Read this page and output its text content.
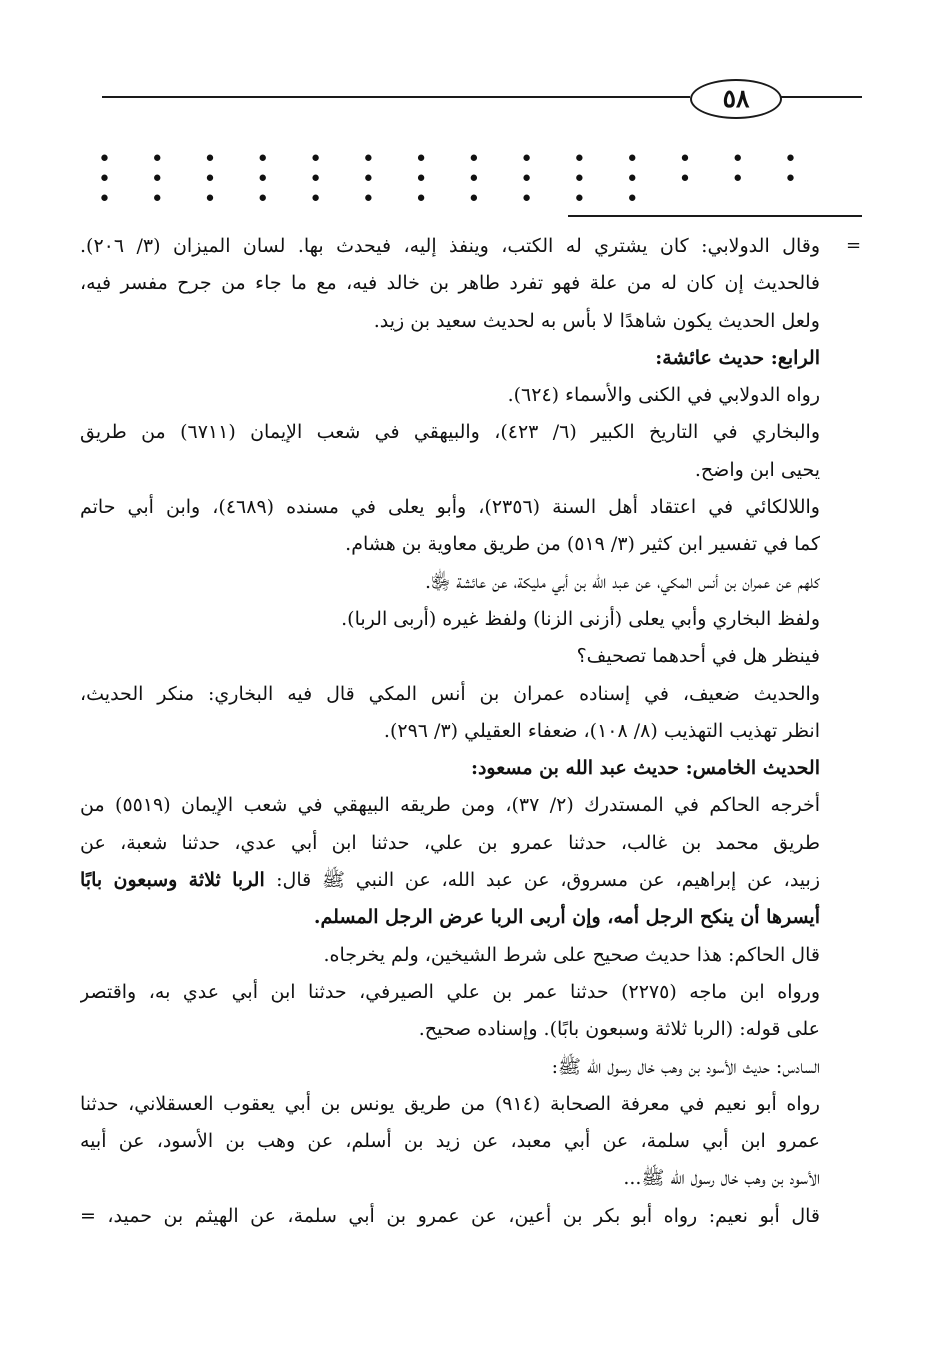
٥٨
• • • • • • • • • • • • • • • • • • • • • • • • • • • • • • • • • • • • • • •
=
وقال الدولابي: كان يشتري له الكتب، وينفذ إليه، فيحدث بها. لسان الميزان (٣/ ٢٠٦).
فالحديث إن كان له من علة فهو تفرد طاهر بن خالد فيه، مع ما جاء من جرح مفسر فيه،
ولعل الحديث يكون شاهدًا لا بأس به لحديث سعيد بن زيد.
الرابع: حديث عائشة:
رواه الدولابي في الكنى والأسماء (٦٢٤).
والبخاري في التاريخ الكبير (٦/ ٤٢٣)، والبيهقي في شعب الإيمان (٦٧١١) من طريق
يحيى ابن واضح.
واللالكائي في اعتقاد أهل السنة (٢٣٥٦)، وأبو يعلى في مسنده (٤٦٨٩)، وابن أبي حاتم
كما في تفسير ابن كثير (٣/ ٥١٩) من طريق معاوية بن هشام.
كلهم عن عمران بن أنس المكي، عن عبد الله بن أبي مليكة، عن عائشة ﵂.
ولفظ البخاري وأبي يعلى (أزنى الزنا) ولفظ غيره (أربى الربا).
فينظر هل في أحدهما تصحيف؟
والحديث ضعيف، في إسناده عمران بن أنس المكي قال فيه البخاري: منكر الحديث،
انظر تهذيب التهذيب (٨/ ١٠٨)، ضعفاء العقيلي (٣/ ٢٩٦).
الحديث الخامس: حديث عبد الله بن مسعود:
أخرجه الحاكم في المستدرك (٢/ ٣٧)، ومن طريقه البيهقي في شعب الإيمان (٥٥١٩) من
طريق محمد بن غالب، حدثنا عمرو بن علي، حدثنا ابن أبي عدي، حدثنا شعبة، عن
زبيد، عن إبراهيم، عن مسروق، عن عبد الله، عن النبي ﷺ قال: الربا ثلاثة وسبعون بابًا
أيسرها أن ينكح الرجل أمه، وإن أربى الربا عرض الرجل المسلم.
قال الحاكم: هذا حديث صحيح على شرط الشيخين، ولم يخرجاه.
ورواه ابن ماجه (٢٢٧٥) حدثنا عمر بن علي الصيرفي، حدثنا ابن أبي عدي به، واقتصر
على قوله: (الربا ثلاثة وسبعون بابًا). وإسناده صحيح.
السادس: حديث الأسود بن وهب خال رسول الله ﷺ:
رواه أبو نعيم في معرفة الصحابة (٩١٤) من طريق يونس بن أبي يعقوب العسقلاني، حدثنا
عمرو ابن أبي سلمة، عن أبي معبد، عن زيد بن أسلم، عن وهب بن الأسود، عن أبيه
الأسود بن وهب خال رسول الله ﷺ...
قال أبو نعيم: رواه أبو بكر بن أعين، عن عمرو بن أبي سلمة، عن الهيثم بن حميد، =
